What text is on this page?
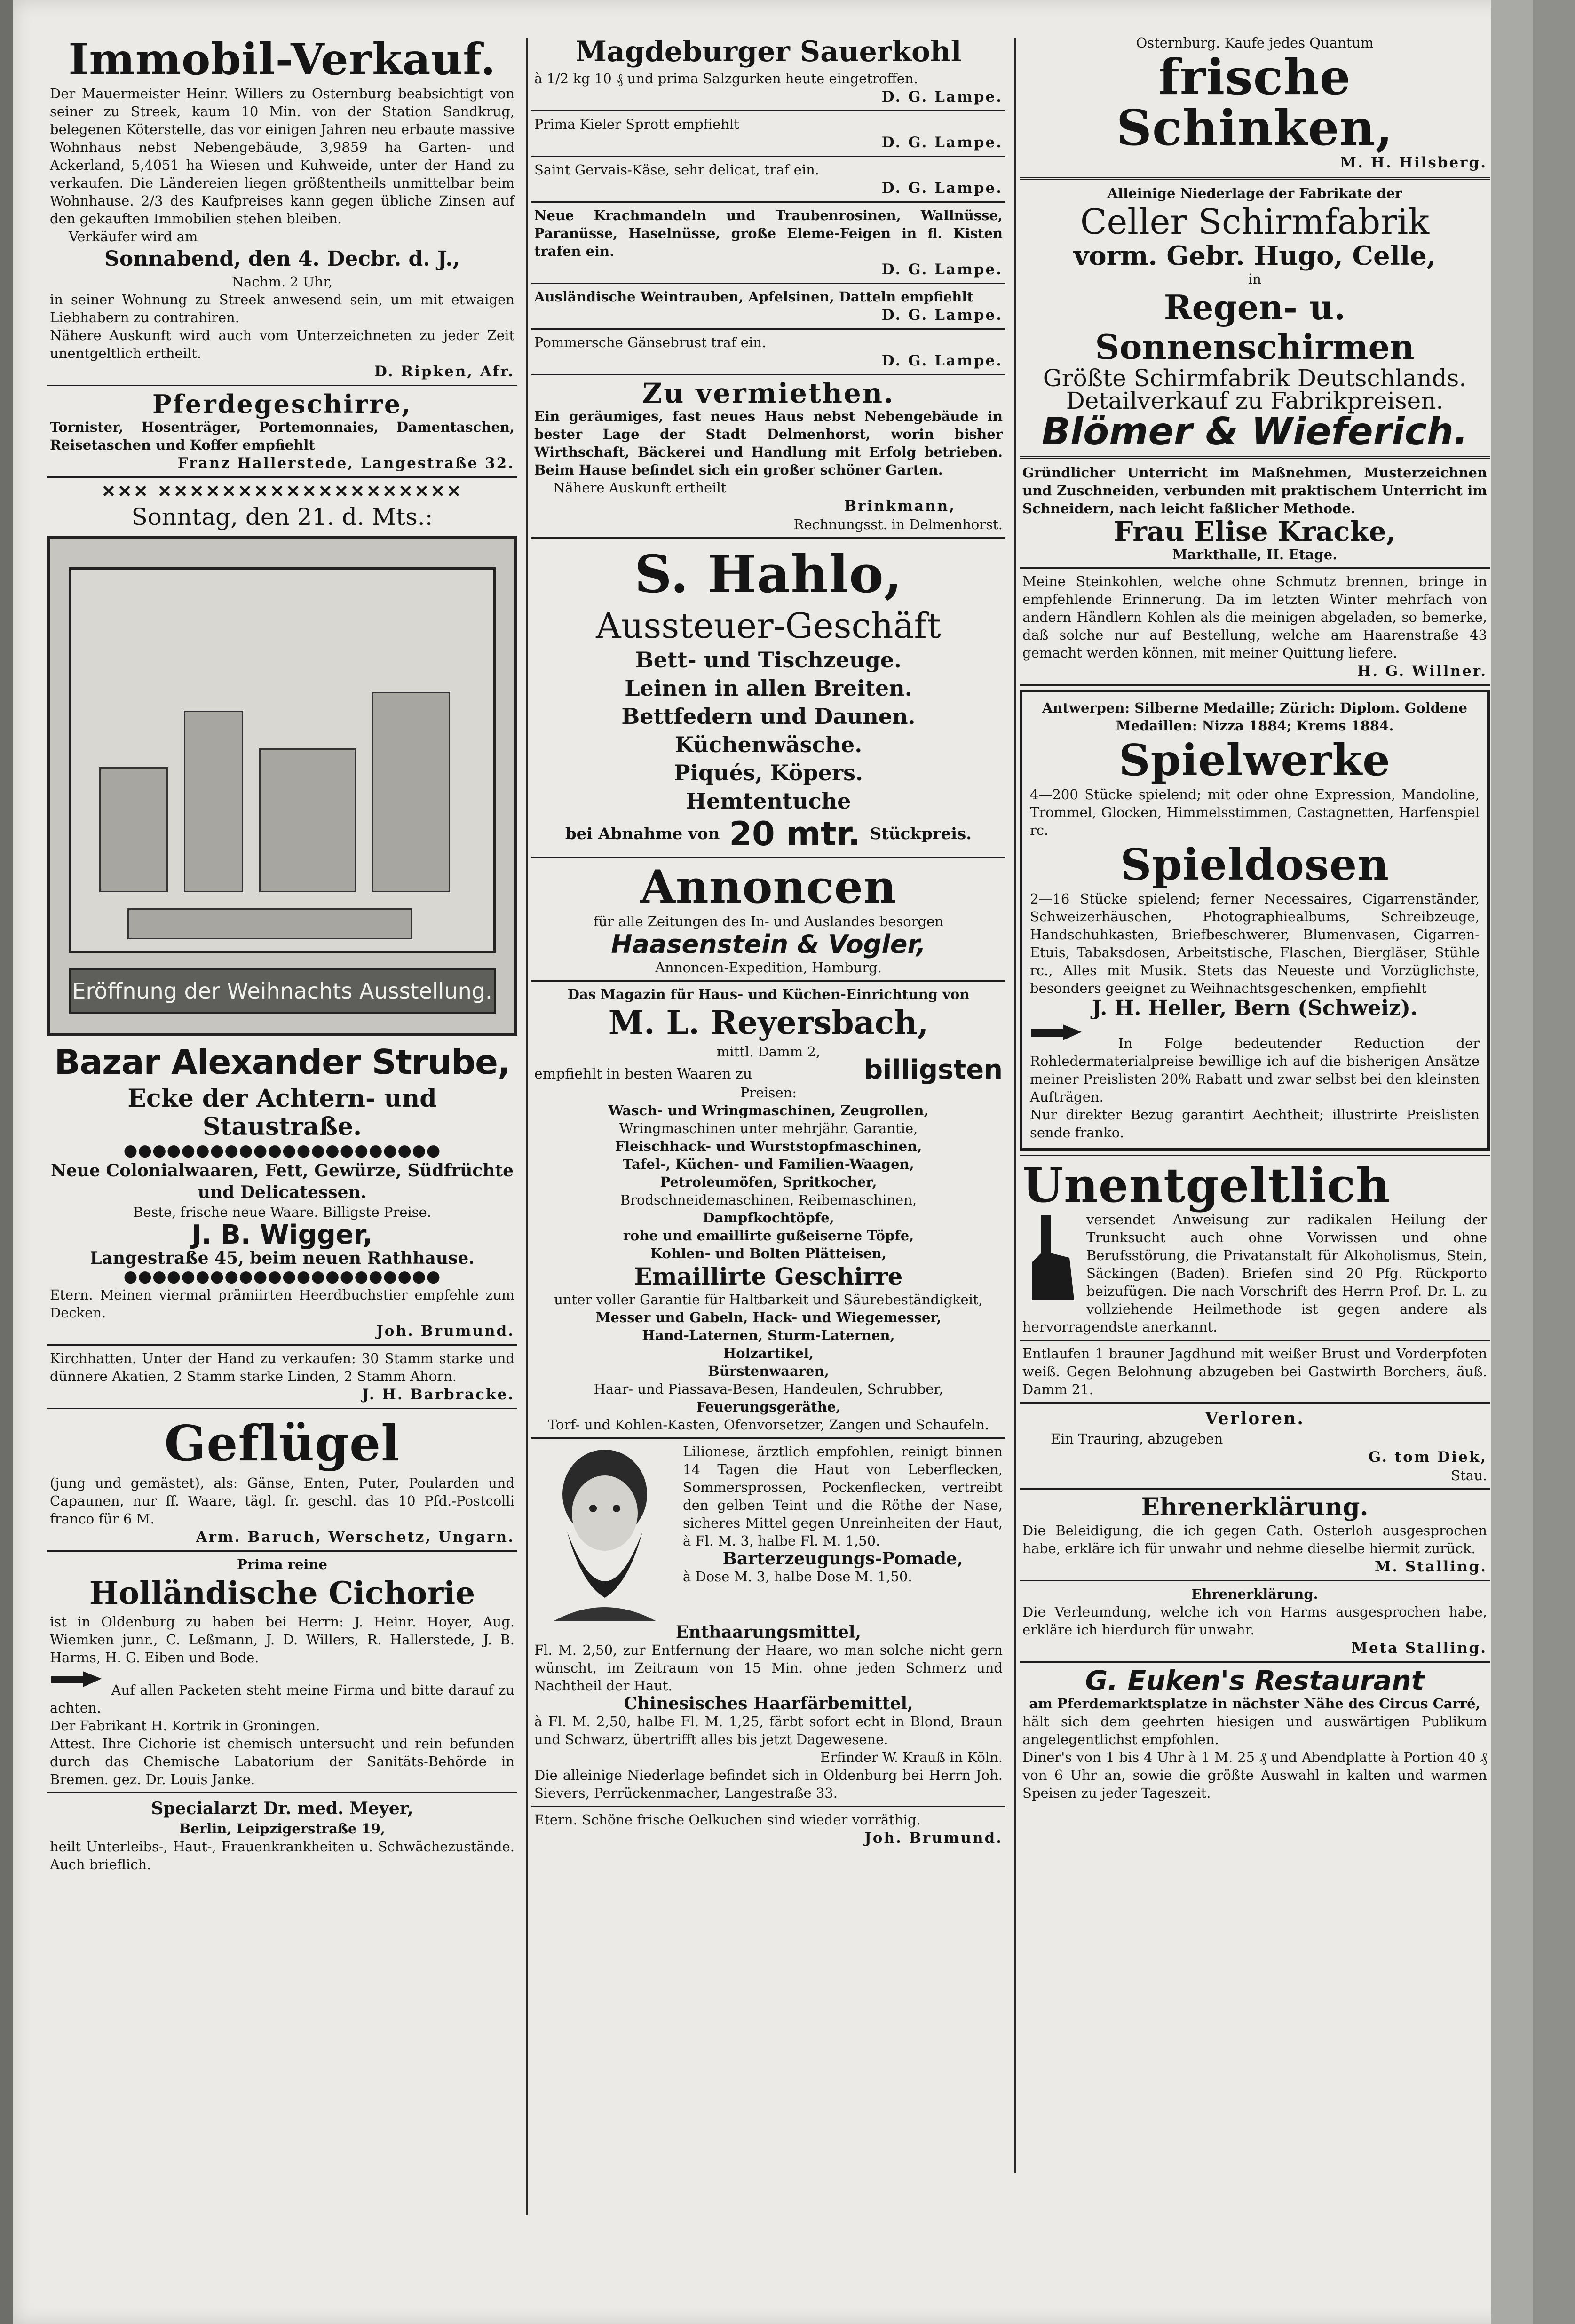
Immobil-Verkauf.
Der Mauermeister Heinr. Willers zu Osternburg beabsichtigt von seiner zu Streek, kaum 10 Min. von der Station Sandkrug, belegenen Köterstelle, das vor einigen Jahren neu erbaute massive Wohnhaus nebst Nebengebäude, 3,9859 ha Garten- und Ackerland, 5,4051 ha Wiesen und Kuhweide, unter der Hand zu verkaufen. Die Ländereien liegen größtentheils unmittelbar beim Wohnhause. 2/3 des Kaufpreises kann gegen übliche Zinsen auf den gekauften Immobilien stehen bleiben.
Verkäufer wird am
Sonnabend, den 4. Decbr. d. J.,
Nachm. 2 Uhr,
in seiner Wohnung zu Streek anwesend sein, um mit etwaigen Liebhabern zu contrahiren.
Nähere Auskunft wird auch vom Unterzeichneten zu jeder Zeit unentgeltlich ertheilt.
D. Ripken, Afr.
Pferdegeschirre,
Tornister, Hosenträger, Portemonnaies, Damentaschen, Reisetaschen und Koffer empfiehlt
Franz Hallerstede, Langestraße 32.
✕✕✕ ✕✕✕✕✕✕✕✕✕✕✕✕✕✕✕✕✕✕✕
Sonntag, den 21. d. Mts.:
Eröffnung der Weihnachts Ausstellung.
Bazar Alexander Strube,
Ecke der Achtern- und Staustraße.
●●●●●●●●●●●●●●●●●●●●●●
Neue Colonialwaaren, Fett, Gewürze, Südfrüchte und Delicatessen.
Beste, frische neue Waare. Billigste Preise.
J. B. Wigger,
Langestraße 45, beim neuen Rathhause.
●●●●●●●●●●●●●●●●●●●●●●
Etern. Meinen viermal prämiirten Heerdbuchstier empfehle zum Decken.
Joh. Brumund.
Kirchhatten. Unter der Hand zu verkaufen: 30 Stamm starke und dünnere Akatien, 2 Stamm starke Linden, 2 Stamm Ahorn.
J. H. Barbracke.
Geflügel
(jung und gemästet), als: Gänse, Enten, Puter, Poularden und Capaunen, nur ff. Waare, tägl. fr. geschl. das 10 Pfd.-Postcolli franco für 6 M.
Arm. Baruch, Werschetz, Ungarn.
Prima reine
Holländische Cichorie
ist in Oldenburg zu haben bei Herrn: J. Heinr. Hoyer, Aug. Wiemken junr., C. Leßmann, J. D. Willers, R. Hallerstede, J. B. Harms, H. G. Eiben und Bode.
Auf allen Packeten steht meine Firma und bitte darauf zu achten.
Der Fabrikant H. Kortrik in Groningen.
Attest. Ihre Cichorie ist chemisch untersucht und rein befunden durch das Chemische Labatorium der Sanitäts-Behörde in Bremen. gez. Dr. Louis Janke.
Specialarzt Dr. med. Meyer,
Berlin, Leipzigerstraße 19,
heilt Unterleibs-, Haut-, Frauenkrankheiten u. Schwächezustände. Auch brieflich.
Magdeburger Sauerkohl
à 1/2 kg 10 ₰ und prima Salzgurken heute eingetroffen.
D. G. Lampe.
Prima Kieler Sprott empfiehlt
D. G. Lampe.
Saint Gervais-Käse, sehr delicat, traf ein.
D. G. Lampe.
Neue Krachmandeln und Traubenrosinen, Wallnüsse, Paranüsse, Haselnüsse, große Eleme-Feigen in fl. Kisten trafen ein.
D. G. Lampe.
Ausländische Weintrauben, Apfelsinen, Datteln empfiehlt
D. G. Lampe.
Pommersche Gänsebrust traf ein.
D. G. Lampe.
Zu vermiethen.
Ein geräumiges, fast neues Haus nebst Nebengebäude in bester Lage der Stadt Delmenhorst, worin bisher Wirthschaft, Bäckerei und Handlung mit Erfolg betrieben. Beim Hause befindet sich ein großer schöner Garten.
Nähere Auskunft ertheilt
Brinkmann,
Rechnungsst. in Delmenhorst.
S. Hahlo,
Aussteuer-Geschäft
Bett- und Tischzeuge.
Leinen in allen Breiten.
Bettfedern und Daunen.
Küchenwäsche.
Piqués, Köpers.
Hemtentuche
bei Abnahme von 20 mtr. Stückpreis.
Annoncen
für alle Zeitungen des In- und Auslandes besorgen
Haasenstein & Vogler,
Annoncen-Expedition, Hamburg.
Das Magazin für Haus- und Küchen-Einrichtung von
M. L. Reyersbach,
mittl. Damm 2,
empfiehlt in besten Waaren zu	billigsten
Preisen:
Wasch- und Wringmaschinen, Zeugrollen,
Wringmaschinen unter mehrjähr. Garantie,
Fleischhack- und Wurststopfmaschinen,
Tafel-, Küchen- und Familien-Waagen,
Petroleumöfen, Spritkocher,
Brodschneidemaschinen, Reibemaschinen,
Dampfkochtöpfe,
rohe und emaillirte gußeiserne Töpfe,
Kohlen- und Bolten Plätteisen,
Emaillirte Geschirre
unter voller Garantie für Haltbarkeit und Säurebeständigkeit,
Messer und Gabeln, Hack- und Wiegemesser,
Hand-Laternen, Sturm-Laternen,
Holzartikel,
Bürstenwaaren,
Haar- und Piassava-Besen, Handeulen, Schrubber,
Feuerungsgeräthe,
Torf- und Kohlen-Kasten, Ofenvorsetzer, Zangen und Schaufeln.
Lilionese, ärztlich empfohlen, reinigt binnen 14 Tagen die Haut von Leberflecken, Sommersprossen, Pockenflecken, vertreibt den gelben Teint und die Röthe der Nase, sicheres Mittel gegen Unreinheiten der Haut, à Fl. M. 3, halbe Fl. M. 1,50.
Barterzeugungs-Pomade,
à Dose M. 3, halbe Dose M. 1,50.
Enthaarungsmittel,
Fl. M. 2,50, zur Entfernung der Haare, wo man solche nicht gern wünscht, im Zeitraum von 15 Min. ohne jeden Schmerz und Nachtheil der Haut.
Chinesisches Haarfärbemittel,
à Fl. M. 2,50, halbe Fl. M. 1,25, färbt sofort echt in Blond, Braun und Schwarz, übertrifft alles bis jetzt Dagewesene.
Erfinder W. Krauß in Köln.
Die alleinige Niederlage befindet sich in Oldenburg bei Herrn Joh. Sievers, Perrückenmacher, Langestraße 33.
Etern. Schöne frische Oelkuchen sind wieder vorräthig.
Joh. Brumund.
Osternburg. Kaufe jedes Quantum
frische Schinken,
M. H. Hilsberg.
Alleinige Niederlage der Fabrikate der
Celler Schirmfabrik
vorm. Gebr. Hugo, Celle,
in
Regen- u. Sonnenschirmen
Größte Schirmfabrik Deutschlands.
Detailverkauf zu Fabrikpreisen.
Blömer & Wieferich.
Gründlicher Unterricht im Maßnehmen, Musterzeichnen und Zuschneiden, verbunden mit praktischem Unterricht im Schneidern, nach leicht faßlicher Methode.
Frau Elise Kracke,
Markthalle, II. Etage.
Meine Steinkohlen, welche ohne Schmutz brennen, bringe in empfehlende Erinnerung. Da im letzten Winter mehrfach von andern Händlern Kohlen als die meinigen abgeladen, so bemerke, daß solche nur auf Bestellung, welche am Haarenstraße 43 gemacht werden können, mit meiner Quittung liefere.
H. G. Willner.
Antwerpen: Silberne Medaille; Zürich: Diplom. Goldene Medaillen: Nizza 1884; Krems 1884.
Spielwerke
4—200 Stücke spielend; mit oder ohne Expression, Mandoline, Trommel, Glocken, Himmelsstimmen, Castagnetten, Harfenspiel rc.
Spieldosen
2—16 Stücke spielend; ferner Necessaires, Cigarrenständer, Schweizerhäuschen, Photographiealbums, Schreibzeuge, Handschuhkasten, Briefbeschwerer, Blumenvasen, Cigarren-Etuis, Tabaksdosen, Arbeitstische, Flaschen, Biergläser, Stühle rc., Alles mit Musik. Stets das Neueste und Vorzüglichste, besonders geeignet zu Weihnachtsgeschenken, empfiehlt
J. H. Heller, Bern (Schweiz).
In Folge bedeutender Reduction der Rohledermaterialpreise bewillige ich auf die bisherigen Ansätze meiner Preislisten 20% Rabatt und zwar selbst bei den kleinsten Aufträgen.
Nur direkter Bezug garantirt Aechtheit; illustrirte Preislisten sende franko.
Unentgeltlich
versendet Anweisung zur radikalen Heilung der Trunksucht auch ohne Vorwissen und ohne Berufsstörung, die Privatanstalt für Alkoholismus, Stein, Säckingen (Baden). Briefen sind 20 Pfg. Rückporto beizufügen. Die nach Vorschrift des Herrn Prof. Dr. L. zu vollziehende Heilmethode ist gegen andere als hervorragendste anerkannt.
Entlaufen 1 brauner Jagdhund mit weißer Brust und Vorderpfoten weiß. Gegen Belohnung abzugeben bei Gastwirth Borchers, äuß. Damm 21.
Verloren.
Ein Trauring, abzugeben
G. tom Diek,
Stau.
Ehrenerklärung.
Die Beleidigung, die ich gegen Cath. Osterloh ausgesprochen habe, erkläre ich für unwahr und nehme dieselbe hiermit zurück.
M. Stalling.
Ehrenerklärung.
Die Verleumdung, welche ich von Harms ausgesprochen habe, erkläre ich hierdurch für unwahr.
Meta Stalling.
G. Euken's Restaurant
am Pferdemarktsplatze in nächster Nähe des Circus Carré,
hält sich dem geehrten hiesigen und auswärtigen Publikum angelegentlichst empfohlen.
Diner's von 1 bis 4 Uhr à 1 M. 25 ₰ und Abendplatte à Portion 40 ₰ von 6 Uhr an, sowie die größte Auswahl in kalten und warmen Speisen zu jeder Tageszeit.
